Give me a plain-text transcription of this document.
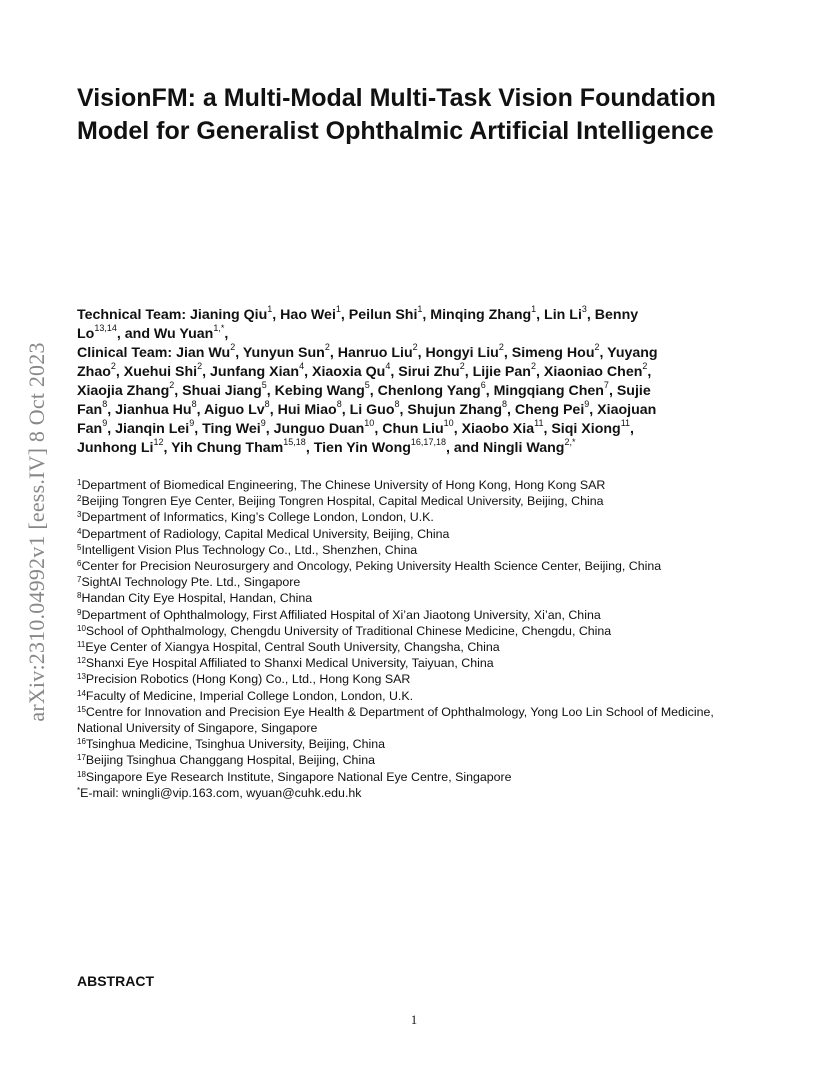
arXiv:2310.04992v1 [eess.IV] 8 Oct 2023
VisionFM: a Multi-Modal Multi-Task Vision Foundation
Model for Generalist Ophthalmic Artificial Intelligence
Technical Team: Jianing Qiu$^1$, Hao Wei$^1$, Peilun Shi$^1$, Minqing Zhang$^1$, Lin Li$^3$, Benny
Lo$^{13,14}$, and Wu Yuan$^{1,*}$,
Clinical Team: Jian Wu$^2$, Yunyun Sun$^2$, Hanruo Liu$^2$, Hongyi Liu$^2$, Simeng Hou$^2$, Yuyang
Zhao$^2$, Xuehui Shi$^2$, Junfang Xian$^4$, Xiaoxia Qu$^4$, Sirui Zhu$^2$, Lijie Pan$^2$, Xiaoniao Chen$^2$,
Xiaojia Zhang$^2$, Shuai Jiang$^5$, Kebing Wang$^5$, Chenlong Yang$^6$, Mingqiang Chen$^7$, Sujie
Fan$^8$, Jianhua Hu$^8$, Aiguo Lv$^8$, Hui Miao$^8$, Li Guo$^8$, Shujun Zhang$^8$, Cheng Pei$^9$, Xiaojuan
Fan$^9$, Jianqin Lei$^9$, Ting Wei$^9$, Junguo Duan$^{10}$, Chun Liu$^{10}$, Xiaobo Xia$^{11}$, Siqi Xiong$^{11}$,
Junhong Li$^{12}$, Yih Chung Tham$^{15,18}$, Tien Yin Wong$^{16,17,18}$, and Ningli Wang$^{2,*}$
$^1$Department of Biomedical Engineering, The Chinese University of Hong Kong, Hong Kong SAR
$^2$Beijing Tongren Eye Center, Beijing Tongren Hospital, Capital Medical University, Beijing, China
$^3$Department of Informatics, King’s College London, London, U.K.
$^4$Department of Radiology, Capital Medical University, Beijing, China
$^5$Intelligent Vision Plus Technology Co., Ltd., Shenzhen, China
$^6$Center for Precision Neurosurgery and Oncology, Peking University Health Science Center, Beijing, China
$^7$SightAI Technology Pte. Ltd., Singapore
$^8$Handan City Eye Hospital, Handan, China
$^9$Department of Ophthalmology, First Affiliated Hospital of Xi’an Jiaotong University, Xi’an, China
$^{10}$School of Ophthalmology, Chengdu University of Traditional Chinese Medicine, Chengdu, China
$^{11}$Eye Center of Xiangya Hospital, Central South University, Changsha, China
$^{12}$Shanxi Eye Hospital Affiliated to Shanxi Medical University, Taiyuan, China
$^{13}$Precision Robotics (Hong Kong) Co., Ltd., Hong Kong SAR
$^{14}$Faculty of Medicine, Imperial College London, London, U.K.
$^{15}$Centre for Innovation and Precision Eye Health & Department of Ophthalmology, Yong Loo Lin School of Medicine,
National University of Singapore, Singapore
$^{16}$Tsinghua Medicine, Tsinghua University, Beijing, China
$^{17}$Beijing Tsinghua Changgang Hospital, Beijing, China
$^{18}$Singapore Eye Research Institute, Singapore National Eye Centre, Singapore
*E-mail: wningli@vip.163.com, wyuan@cuhk.edu.hk
ABSTRACT
1
